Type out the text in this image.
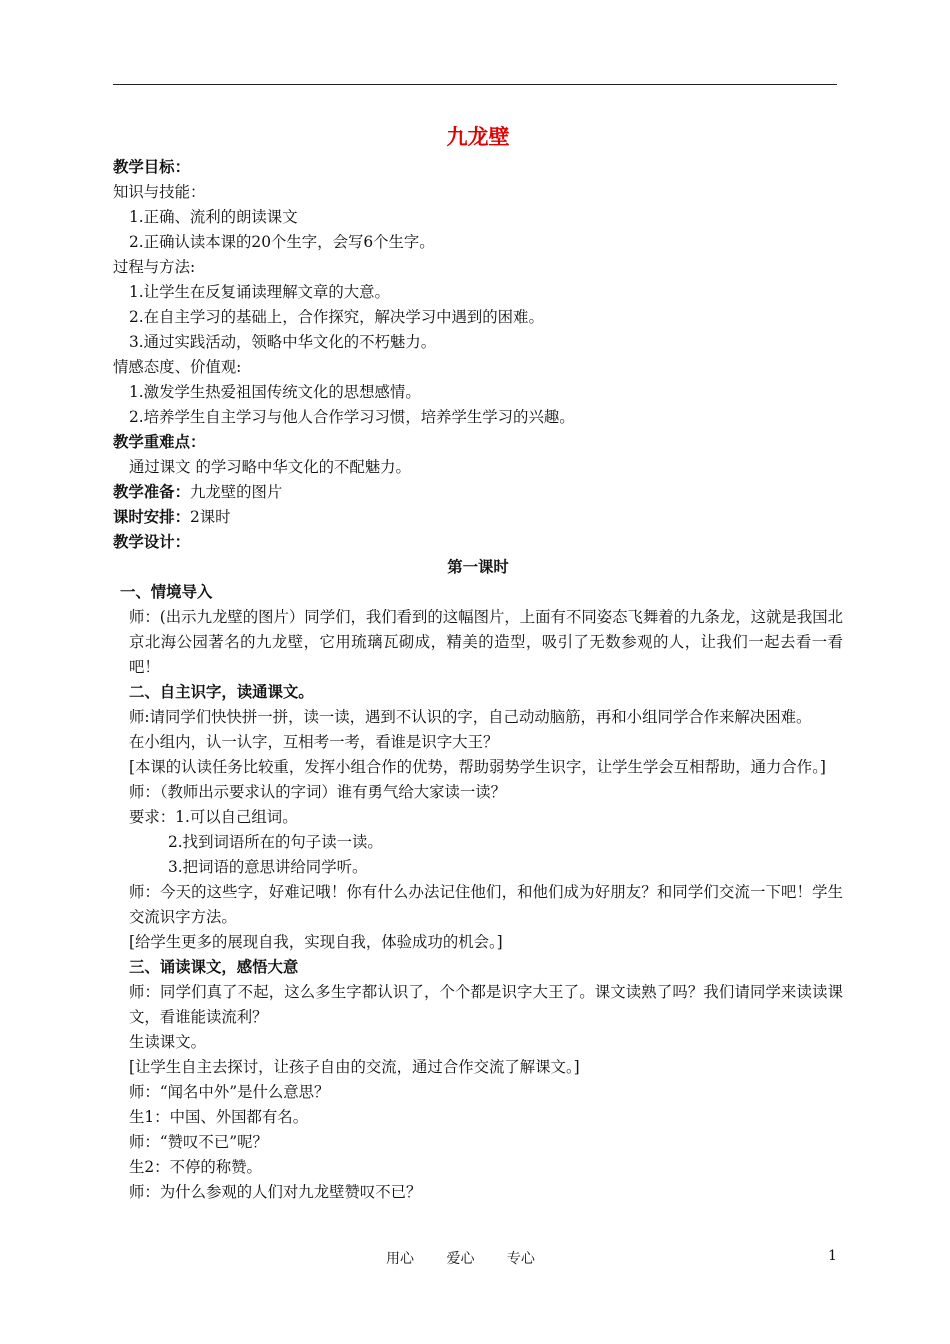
九龙壁
教学目标：
知识与技能：
1.正确、流利的朗读课文
2.正确认读本课的20个生字，会写6个生字。
过程与方法:
1.让学生在反复诵读理解文章的大意。
2.在自主学习的基础上，合作探究，解决学习中遇到的困难。
3.通过实践活动，领略中华文化的不朽魅力。
情感态度、价值观:
1.激发学生热爱祖国传统文化的思想感情。
2.培养学生自主学习与他人合作学习习惯，培养学生学习的兴趣。
教学重难点：
通过课文 的学习略中华文化的不配魅力。
教学准备：九龙壁的图片
课时安排：2课时
教学设计：
第一课时
一、情境导入
师：(出示九龙壁的图片）同学们，我们看到的这幅图片，上面有不同姿态飞舞着的九条龙，这就是我国北京北海公园著名的九龙壁，它用琉璃瓦砌成，精美的造型，吸引了无数参观的人，让我们一起去看一看吧！
二、自主识字，读通课文。
师:请同学们快快拼一拼，读一读，遇到不认识的字，自己动动脑筋，再和小组同学合作来解决困难。
在小组内，认一认字，互相考一考，看谁是识字大王？
[本课的认读任务比较重，发挥小组合作的优势，帮助弱势学生识字，让学生学会互相帮助，通力合作。]
师：（教师出示要求认的字词）谁有勇气给大家读一读？
要求：1.可以自己组词。
2.找到词语所在的句子读一读。
3.把词语的意思讲给同学听。
师：今天的这些字，好难记哦！你有什么办法记住他们，和他们成为好朋友？和同学们交流一下吧！学生交流识字方法。
[给学生更多的展现自我，实现自我，体验成功的机会。]
三、诵读课文，感悟大意
师：同学们真了不起，这么多生字都认识了，个个都是识字大王了。课文读熟了吗？我们请同学来读读课文，看谁能读流利？
生读课文。
[让学生自主去探讨，让孩子自由的交流，通过合作交流了解课文。]
师：“闻名中外”是什么意思？
生1：中国、外国都有名。
师：“赞叹不已”呢？
生2：不停的称赞。
师：为什么参观的人们对九龙壁赞叹不已？
用心 爱心 专心	1
